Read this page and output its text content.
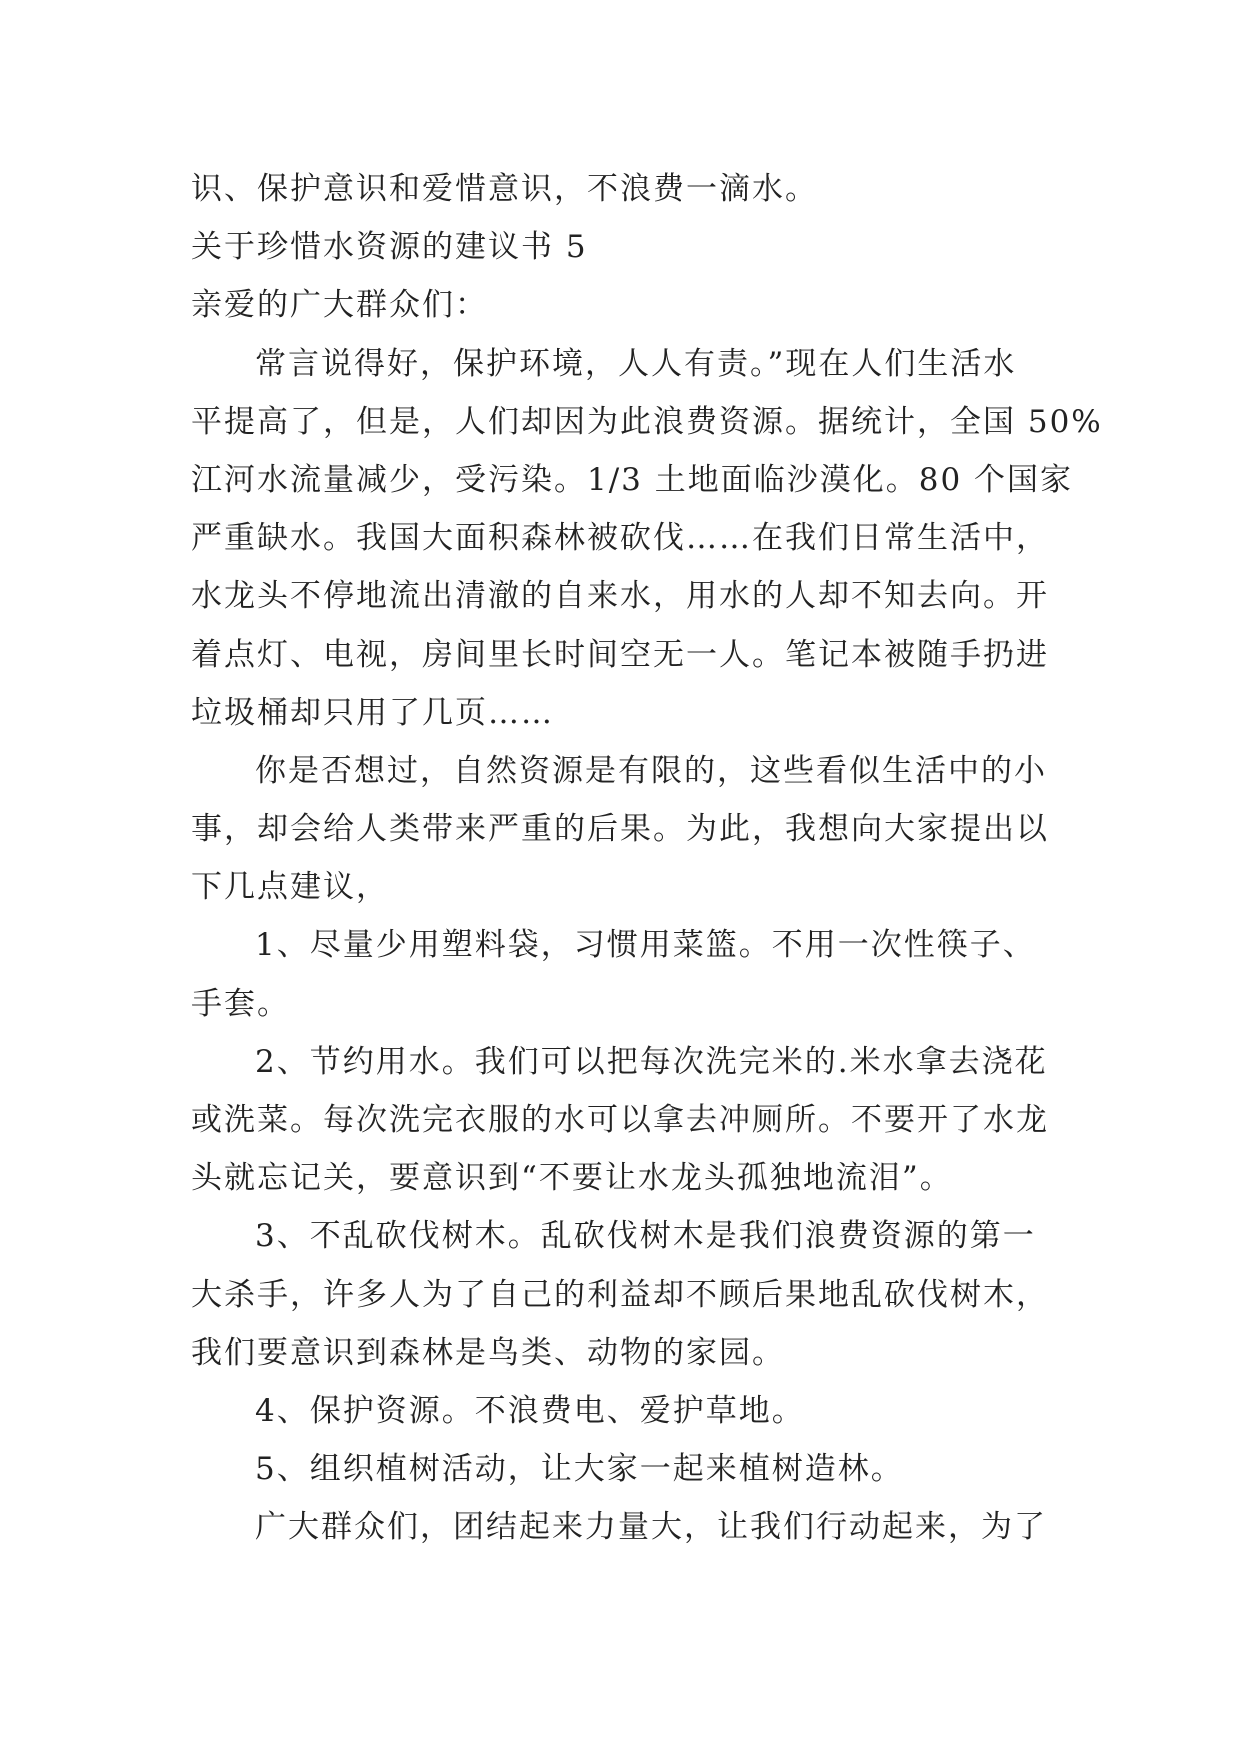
识、保护意识和爱惜意识，不浪费一滴水。
关于珍惜水资源的建议书 5
亲爱的广大群众们：
常言说得好，保护环境，人人有责。”现在人们生活水
平提高了，但是，人们却因为此浪费资源。据统计，全国 50%
江河水流量减少，受污染。1/3 土地面临沙漠化。80 个国家
严重缺水。我国大面积森林被砍伐……在我们日常生活中，
水龙头不停地流出清澈的自来水，用水的人却不知去向。开
着点灯、电视，房间里长时间空无一人。笔记本被随手扔进
垃圾桶却只用了几页……
你是否想过，自然资源是有限的，这些看似生活中的小
事，却会给人类带来严重的后果。为此，我想向大家提出以
下几点建议，
1、尽量少用塑料袋，习惯用菜篮。不用一次性筷子、
手套。
2、节约用水。我们可以把每次洗完米的.米水拿去浇花
或洗菜。每次洗完衣服的水可以拿去冲厕所。不要开了水龙
头就忘记关，要意识到“不要让水龙头孤独地流泪”。
3、不乱砍伐树木。乱砍伐树木是我们浪费资源的第一
大杀手，许多人为了自己的利益却不顾后果地乱砍伐树木，
我们要意识到森林是鸟类、动物的家园。
4、保护资源。不浪费电、爱护草地。
5、组织植树活动，让大家一起来植树造林。
广大群众们，团结起来力量大，让我们行动起来，为了
